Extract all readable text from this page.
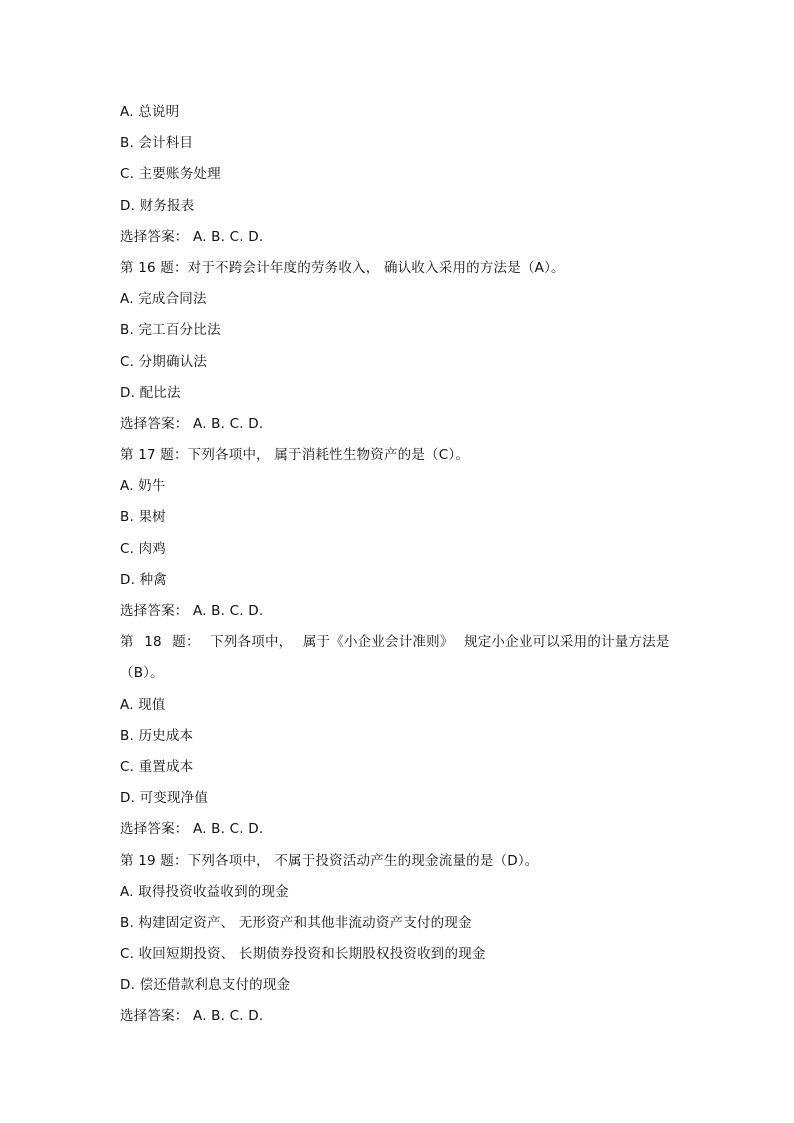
A. 总说明
B. 会计科目
C. 主要账务处理
D. 财务报表
选择答案： A. B. C. D.
第 16 题：对于不跨会计年度的劳务收入， 确认收入采用的方法是（A）。
A. 完成合同法
B. 完工百分比法
C. 分期确认法
D. 配比法
选择答案： A. B. C. D.
第 17 题：下列各项中， 属于消耗性生物资产的是（C）。
A. 奶牛
B. 果树
C. 肉鸡
D. 种禽
选择答案： A. B. C. D.
第 18 题： 下列各项中， 属于《小企业会计准则》 规定小企业可以采用的计量方法是
（B）。
A. 现值
B. 历史成本
C. 重置成本
D. 可变现净值
选择答案： A. B. C. D.
第 19 题：下列各项中， 不属于投资活动产生的现金流量的是（D）。
A. 取得投资收益收到的现金
B. 构建固定资产、 无形资产和其他非流动资产支付的现金
C. 收回短期投资、 长期债券投资和长期股权投资收到的现金
D. 偿还借款利息支付的现金
选择答案： A. B. C. D.
